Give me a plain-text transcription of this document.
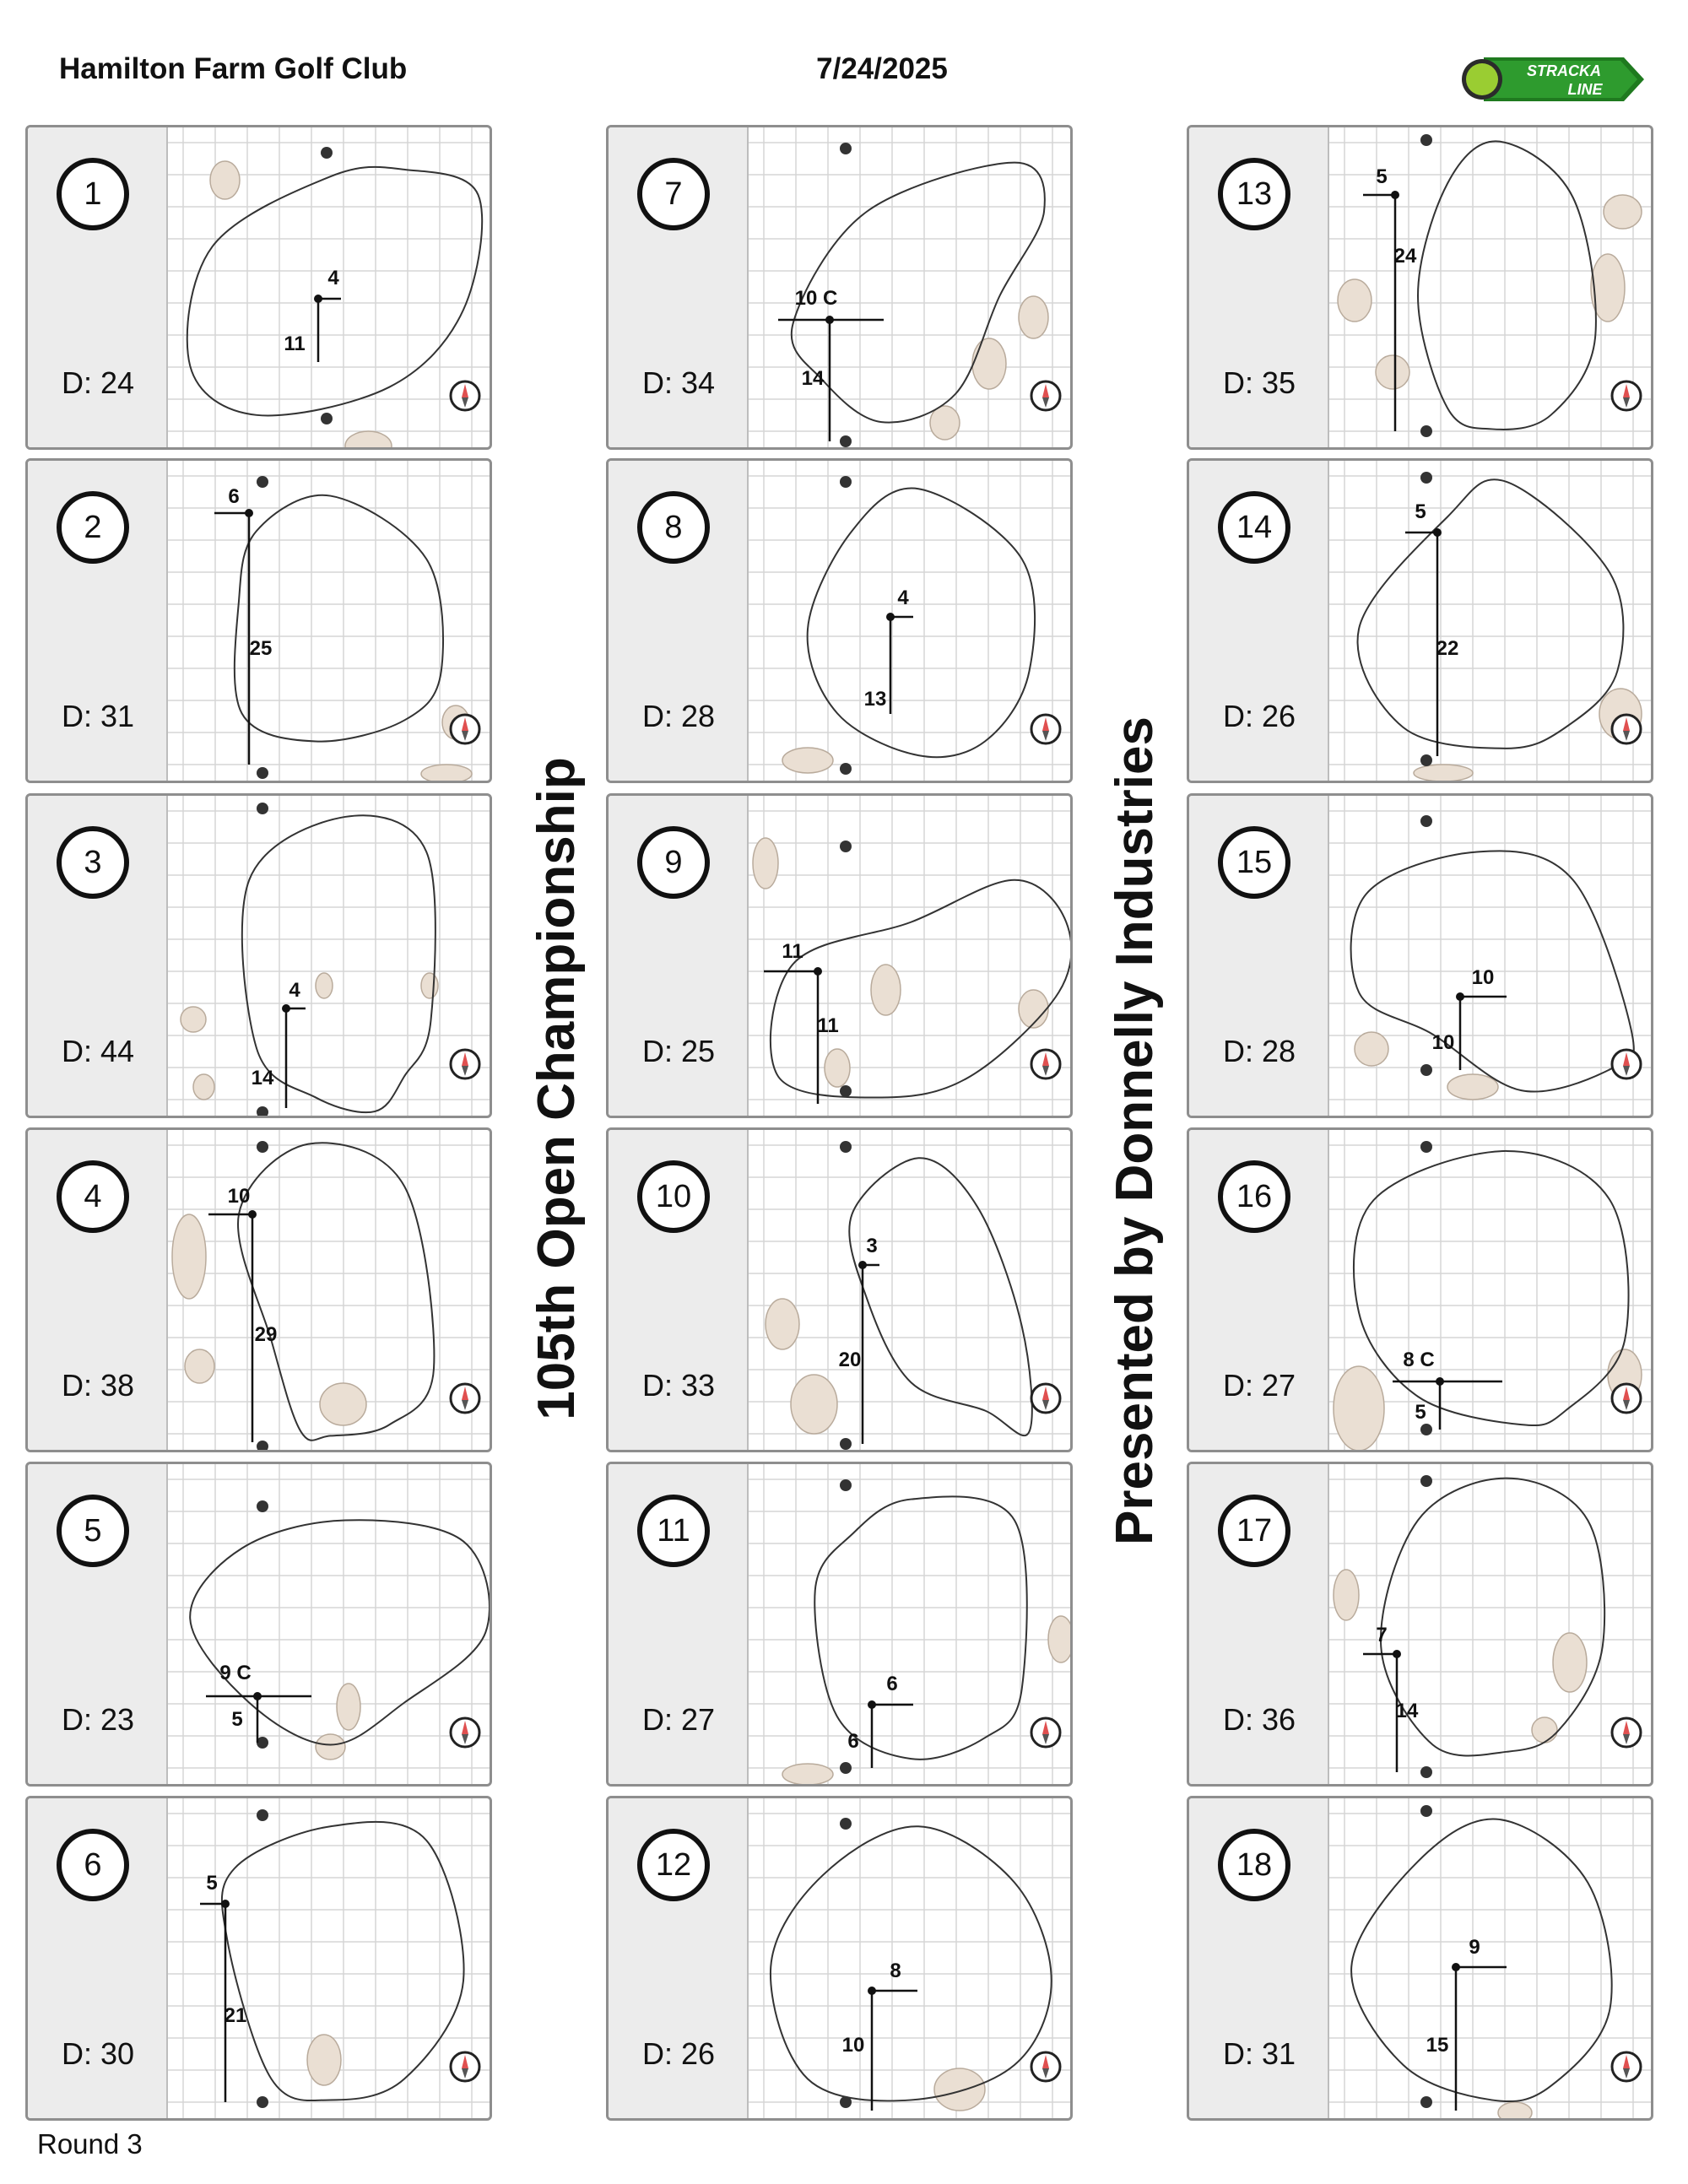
Hamilton Farm Golf Club	7/24/2025	STRACKA
LINE
105th Open Championship	Presented by Donnelly Industries
1
D: 24
4
11
2
D: 31
6
25
3
D: 44
4
14
4
D: 38
10
29
5
D: 23
9 C
5
6
D: 30
5
21
7
D: 34
10 C
14
8
D: 28
4
13
9
D: 25
11
11
10
D: 33
3
20
11
D: 27
6
6
12
D: 26
8
10
13
D: 35
5
24
14
D: 26
5
22
15
D: 28
10
10
16
D: 27
8 C
5
17
D: 36
7
14
18
D: 31
9
15
Round 3
